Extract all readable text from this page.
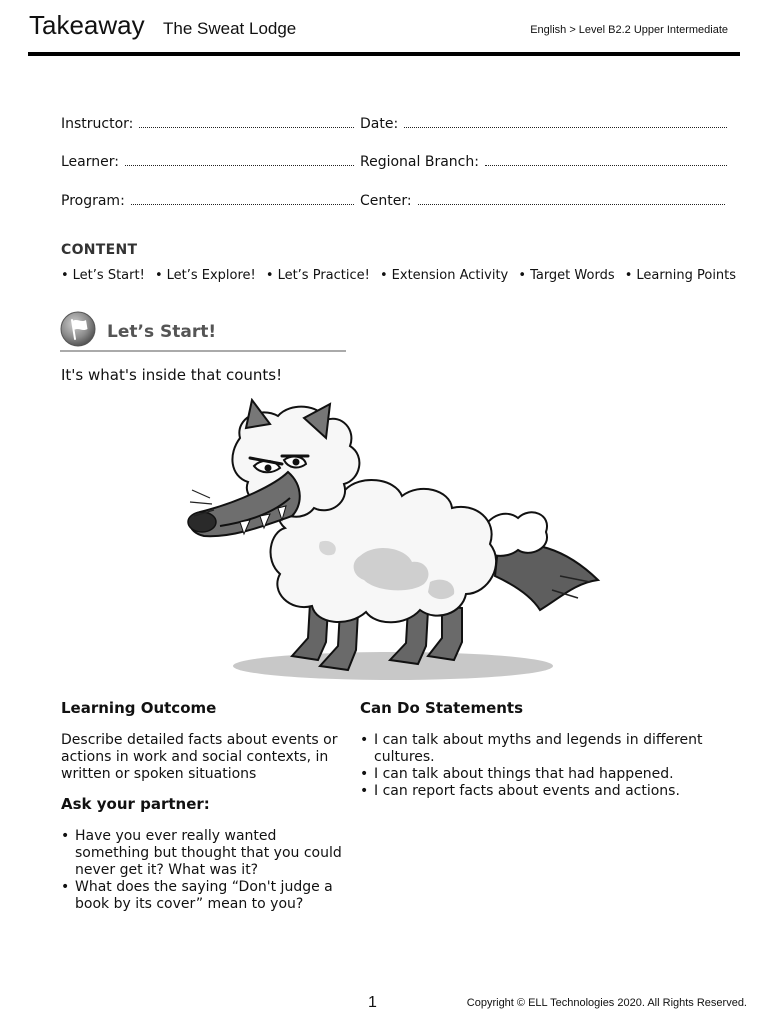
Takeaway The Sweat Lodge	English > Level B2.2 Upper Intermediate
Instructor:	Date:
Learner:	Regional Branch:
Program:	Center:
CONTENT
• Let’s Start! • Let’s Explore! • Let’s Practice! • Extension Activity • Target Words • Learning Points
Let’s Start!
It's what's inside that counts!
Learning Outcome
Describe detailed facts about events or actions in work and social contexts, in written or spoken situations
Ask your partner:
• Have you ever really wanted something but thought that you could never get it? What was it?
• What does the saying “Don't judge a book by its cover” mean to you?
Can Do Statements
• I can talk about myths and legends in different cultures.
• I can talk about things that had happened.
• I can report facts about events and actions.
1	Copyright © ELL Technologies 2020. All Rights Reserved.
